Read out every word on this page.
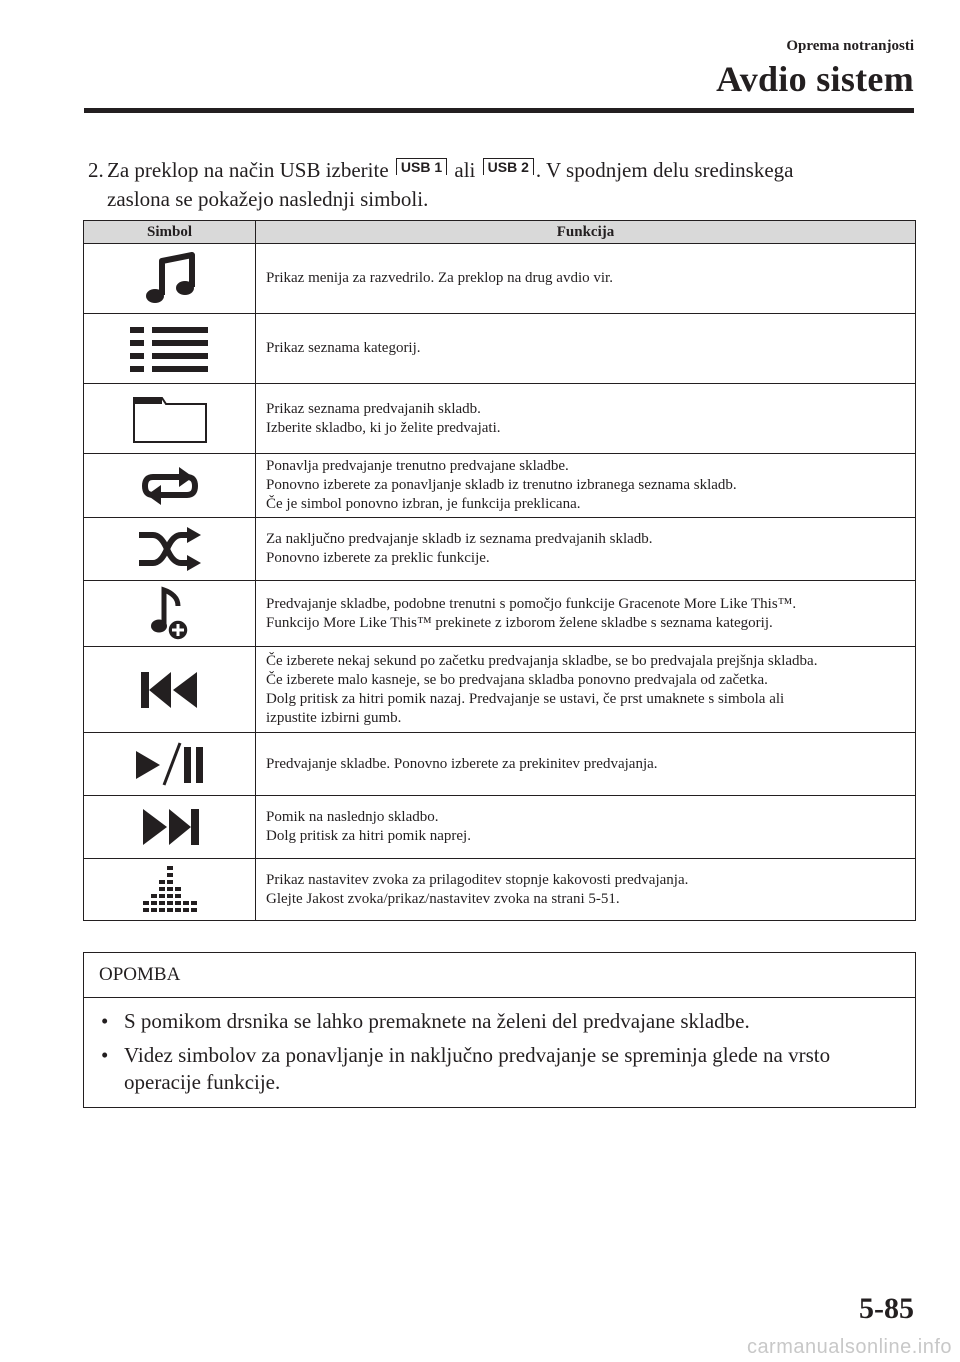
Oprema notranjosti
Avdio sistem
2. Za preklop na način USB izberite USB 1 ali USB 2 . V spodnjem delu sredinskega
zaslona se pokažejo naslednji simboli.
Simbol	Funkcija

Prikaz menija za razvedrilo. Za preklop na drug avdio vir.

Prikaz seznama kategorij.

Prikaz seznama predvajanih skladb.
Izberite skladbo, ki jo želite predvajati.

Ponavlja predvajanje trenutno predvajane skladbe.
Ponovno izberete za ponavljanje skladb iz trenutno izbranega seznama skladb.
Če je simbol ponovno izbran, je funkcija preklicana.

Za naključno predvajanje skladb iz seznama predvajanih skladb.
Ponovno izberete za preklic funkcije.

Predvajanje skladbe, podobne trenutni s pomočjo funkcije Gracenote More Like This™.
Funkcijo More Like This™ prekinete z izborom želene skladbe s seznama kategorij.

Če izberete nekaj sekund po začetku predvajanja skladbe, se bo predvajala prejšnja skladba.
Če izberete malo kasneje, se bo predvajana skladba ponovno predvajala od začetka.
Dolg pritisk za hitri pomik nazaj. Predvajanje se ustavi, če prst umaknete s simbola ali
izpustite izbirni gumb.

Predvajanje skladbe. Ponovno izberete za prekinitev predvajanja.

Pomik na naslednjo skladbo.
Dolg pritisk za hitri pomik naprej.

Prikaz nastavitev zvoka za prilagoditev stopnje kakovosti predvajanja.
Glejte Jakost zvoka/prikaz/nastavitev zvoka na strani 5-51.
OPOMBA
• S pomikom drsnika se lahko premaknete na želeni del predvajane skladbe.
• Videz simbolov za ponavljanje in naključno predvajanje se spreminja glede na vrsto operacije funkcije.
5-85
carmanualsonline.info
